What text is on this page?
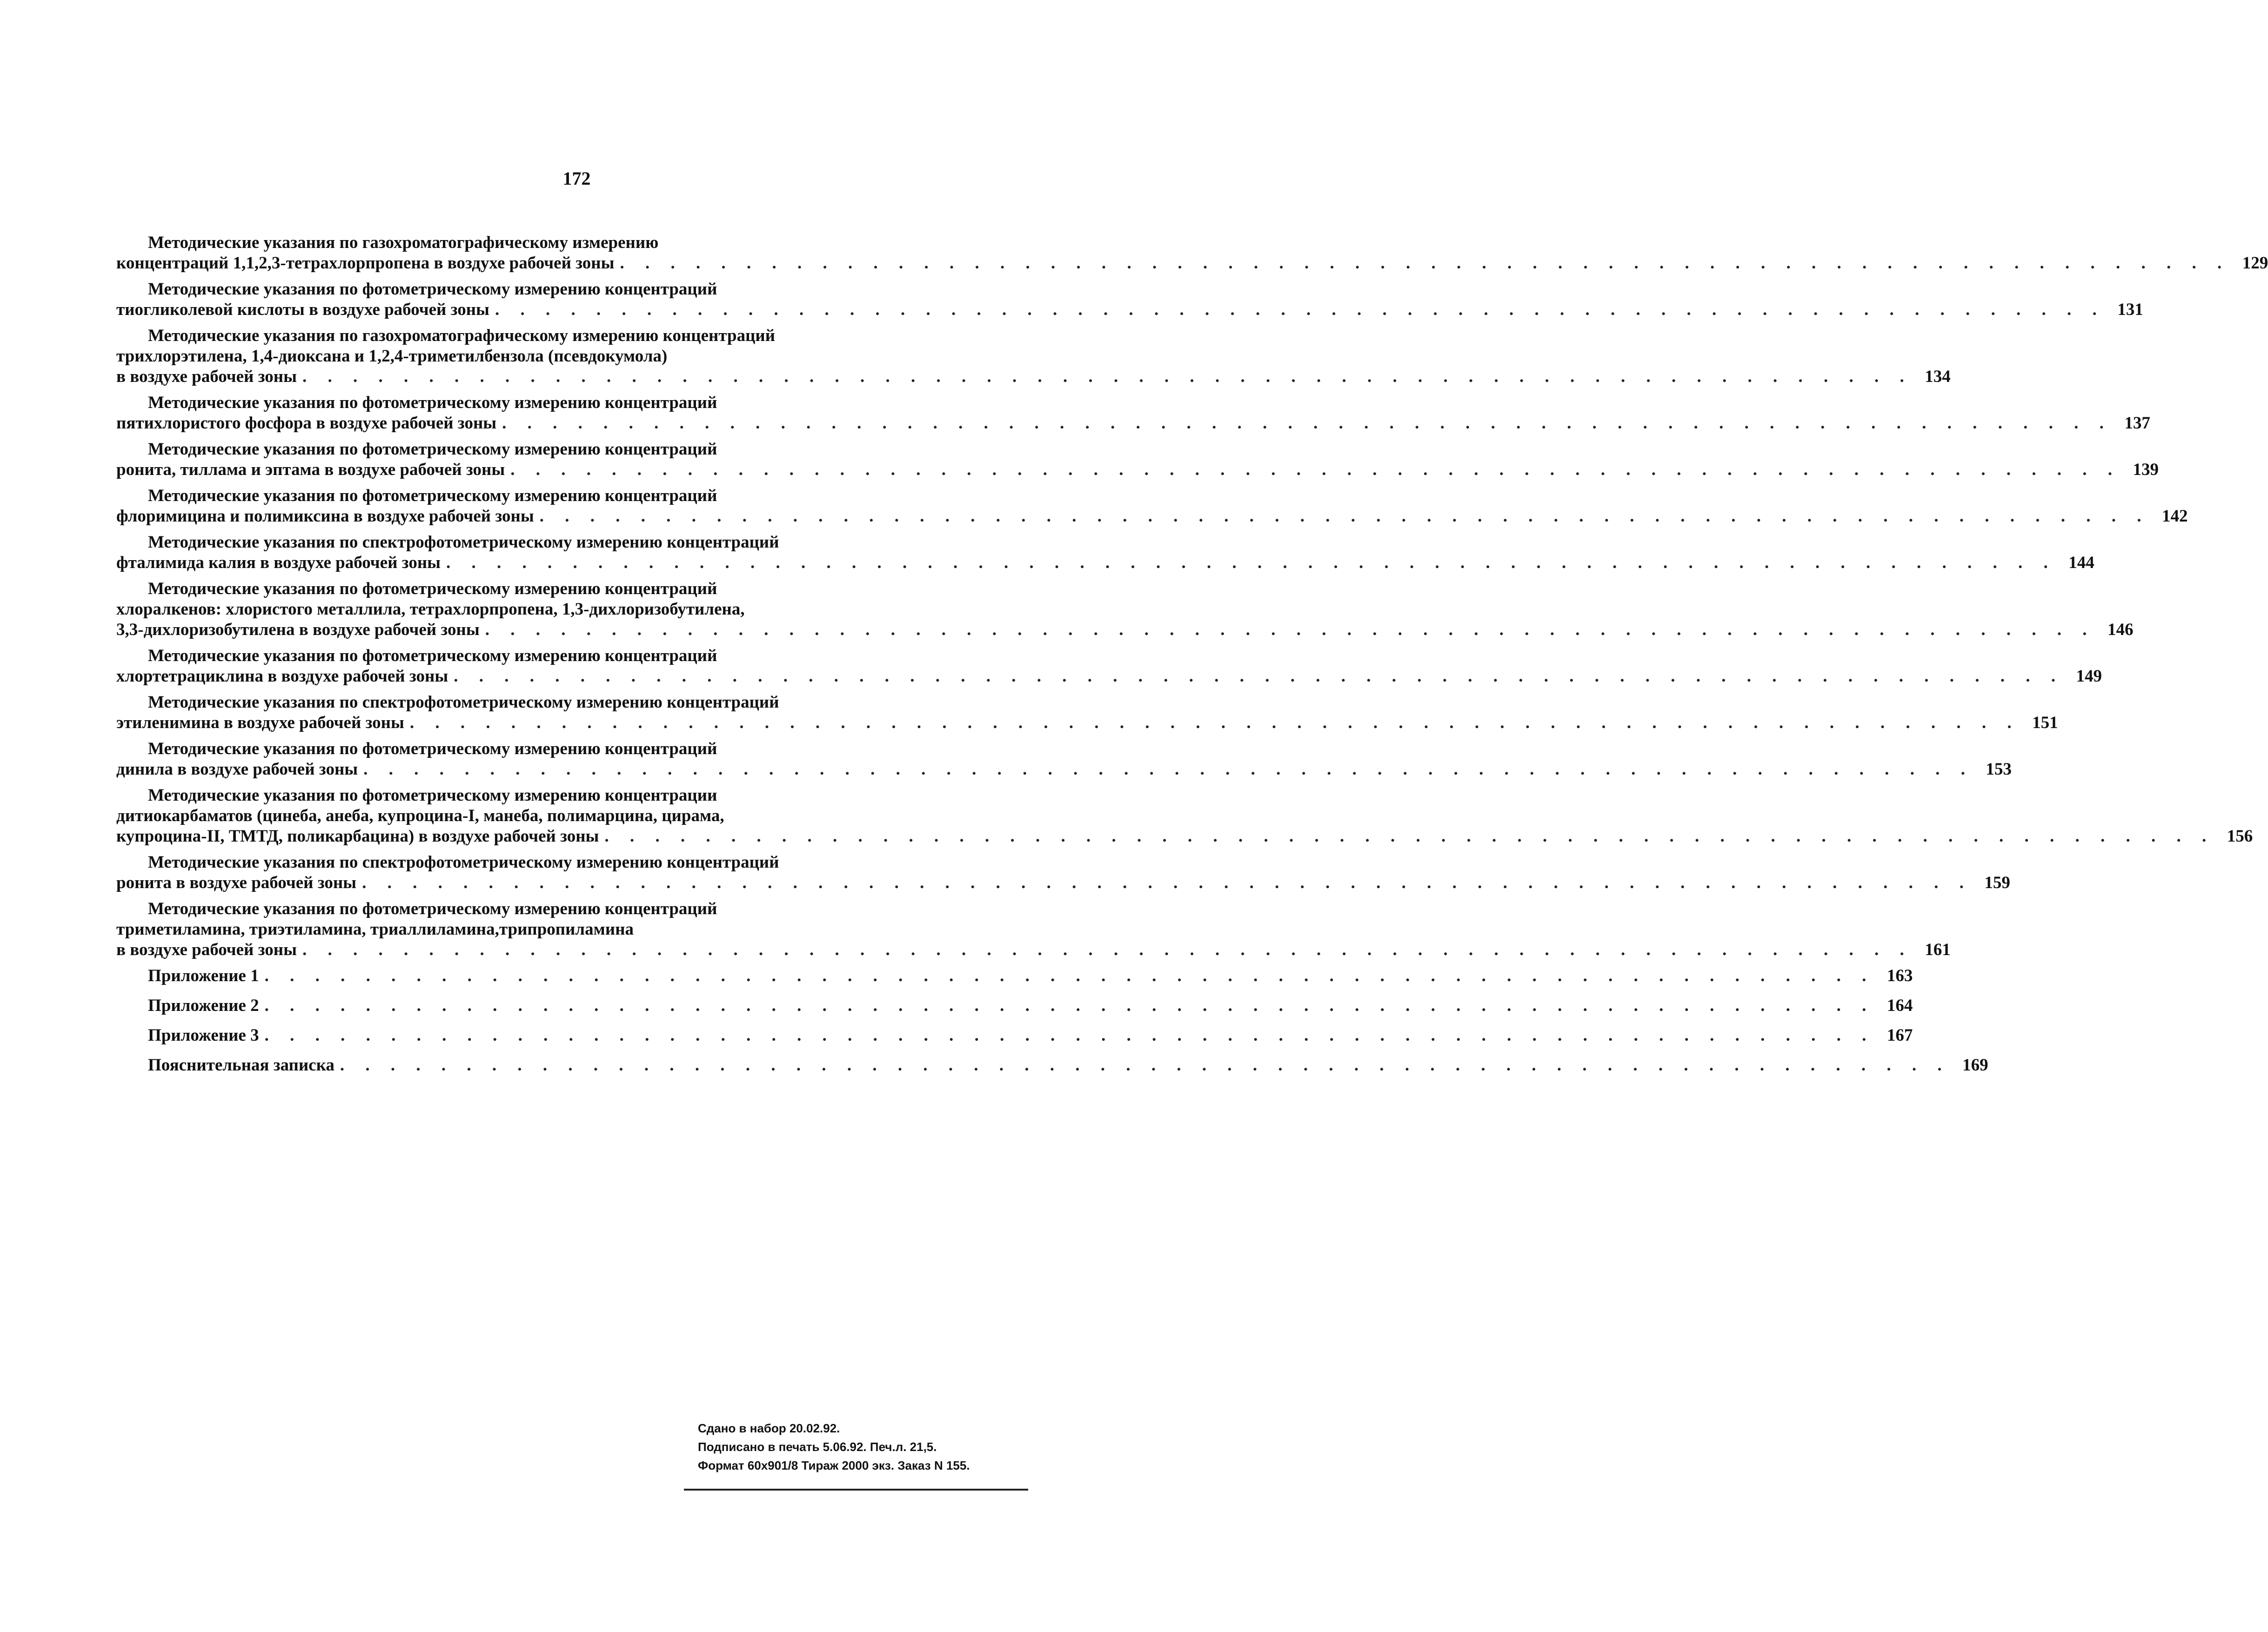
172
Методические указания по газохроматографическому измерению
концентраций 1,1,2,3-тетрахлорпропена в воздухе рабочей зоны . . . . . . . . . . . . . . . . . . . . . . . . . . . . . . . . . . . . . . . . . . . . . . . . . . . . . . . . . . . . . . . . 129
Методические указания по фотометрическому измерению концентраций
тиогликолевой кислоты в воздухе рабочей зоны . . . . . . . . . . . . . . . . . . . . . . . . . . . . . . . . . . . . . . . . . . . . . . . . . . . . . . . . . . . . . . . . 131
Методические указания по газохроматографическому измерению концентраций
трихлорэтилена, 1,4-диоксана и 1,2,4-триметилбензола (псевдокумола)
в воздухе рабочей зоны . . . . . . . . . . . . . . . . . . . . . . . . . . . . . . . . . . . . . . . . . . . . . . . . . . . . . . . . . . . . . . . . 134
Методические указания по фотометрическому измерению концентраций
пятихлористого фосфора в воздухе рабочей зоны . . . . . . . . . . . . . . . . . . . . . . . . . . . . . . . . . . . . . . . . . . . . . . . . . . . . . . . . . . . . . . . . 137
Методические указания по фотометрическому измерению концентраций
ронита, тиллама и эптама в воздухе рабочей зоны . . . . . . . . . . . . . . . . . . . . . . . . . . . . . . . . . . . . . . . . . . . . . . . . . . . . . . . . . . . . . . . . 139
Методические указания по фотометрическому измерению концентраций
флоримицина и полимиксина в воздухе рабочей зоны . . . . . . . . . . . . . . . . . . . . . . . . . . . . . . . . . . . . . . . . . . . . . . . . . . . . . . . . . . . . . . . . 142
Методические указания по спектрофотометрическому измерению концентраций
фталимида калия в воздухе рабочей зоны . . . . . . . . . . . . . . . . . . . . . . . . . . . . . . . . . . . . . . . . . . . . . . . . . . . . . . . . . . . . . . . . 144
Методические указания по фотометрическому измерению концентраций
хлоралкенов: хлористого металлила, тетрахлорпропена, 1,3-дихлоризобутилена,
3,3-дихлоризобутилена в воздухе рабочей зоны . . . . . . . . . . . . . . . . . . . . . . . . . . . . . . . . . . . . . . . . . . . . . . . . . . . . . . . . . . . . . . . . 146
Методические указания по фотометрическому измерению концентраций
хлортетрациклина в воздухе рабочей зоны . . . . . . . . . . . . . . . . . . . . . . . . . . . . . . . . . . . . . . . . . . . . . . . . . . . . . . . . . . . . . . . . 149
Методические указания по спектрофотометрическому измерению концентраций
этиленимина в воздухе рабочей зоны . . . . . . . . . . . . . . . . . . . . . . . . . . . . . . . . . . . . . . . . . . . . . . . . . . . . . . . . . . . . . . . . 151
Методические указания по фотометрическому измерению концентраций
динила в воздухе рабочей зоны . . . . . . . . . . . . . . . . . . . . . . . . . . . . . . . . . . . . . . . . . . . . . . . . . . . . . . . . . . . . . . . . 153
Методические указания по фотометрическому измерению концентрации
дитиокарбаматов (цинеба, анеба, купроцина-I, манеба, полимарцина, цирама,
купроцина-II, ТМТД, поликарбацина) в воздухе рабочей зоны . . . . . . . . . . . . . . . . . . . . . . . . . . . . . . . . . . . . . . . . . . . . . . . . . . . . . . . . . . . . . . . . 156
Методические указания по спектрофотометрическому измерению концентраций
ронита в воздухе рабочей зоны . . . . . . . . . . . . . . . . . . . . . . . . . . . . . . . . . . . . . . . . . . . . . . . . . . . . . . . . . . . . . . . . 159
Методические указания по фотометрическому измерению концентраций
триметиламина, триэтиламина, триаллиламина,трипропиламина
в воздухе рабочей зоны . . . . . . . . . . . . . . . . . . . . . . . . . . . . . . . . . . . . . . . . . . . . . . . . . . . . . . . . . . . . . . . . 161
Приложение 1 . . . . . . . . . . . . . . . . . . . . . . . . . . . . . . . . . . . . . . . . . . . . . . . . . . . . . . . . . . . . . . . . 163
Приложение 2 . . . . . . . . . . . . . . . . . . . . . . . . . . . . . . . . . . . . . . . . . . . . . . . . . . . . . . . . . . . . . . . . 164
Приложение 3 . . . . . . . . . . . . . . . . . . . . . . . . . . . . . . . . . . . . . . . . . . . . . . . . . . . . . . . . . . . . . . . . 167
Пояснительная записка . . . . . . . . . . . . . . . . . . . . . . . . . . . . . . . . . . . . . . . . . . . . . . . . . . . . . . . . . . . . . . . . 169
Сдано в набор 20.02.92.
Подписано в печать 5.06.92. Печ.л. 21,5.
Формат 60х901/8 Тираж 2000 экз. Заказ N 155.
